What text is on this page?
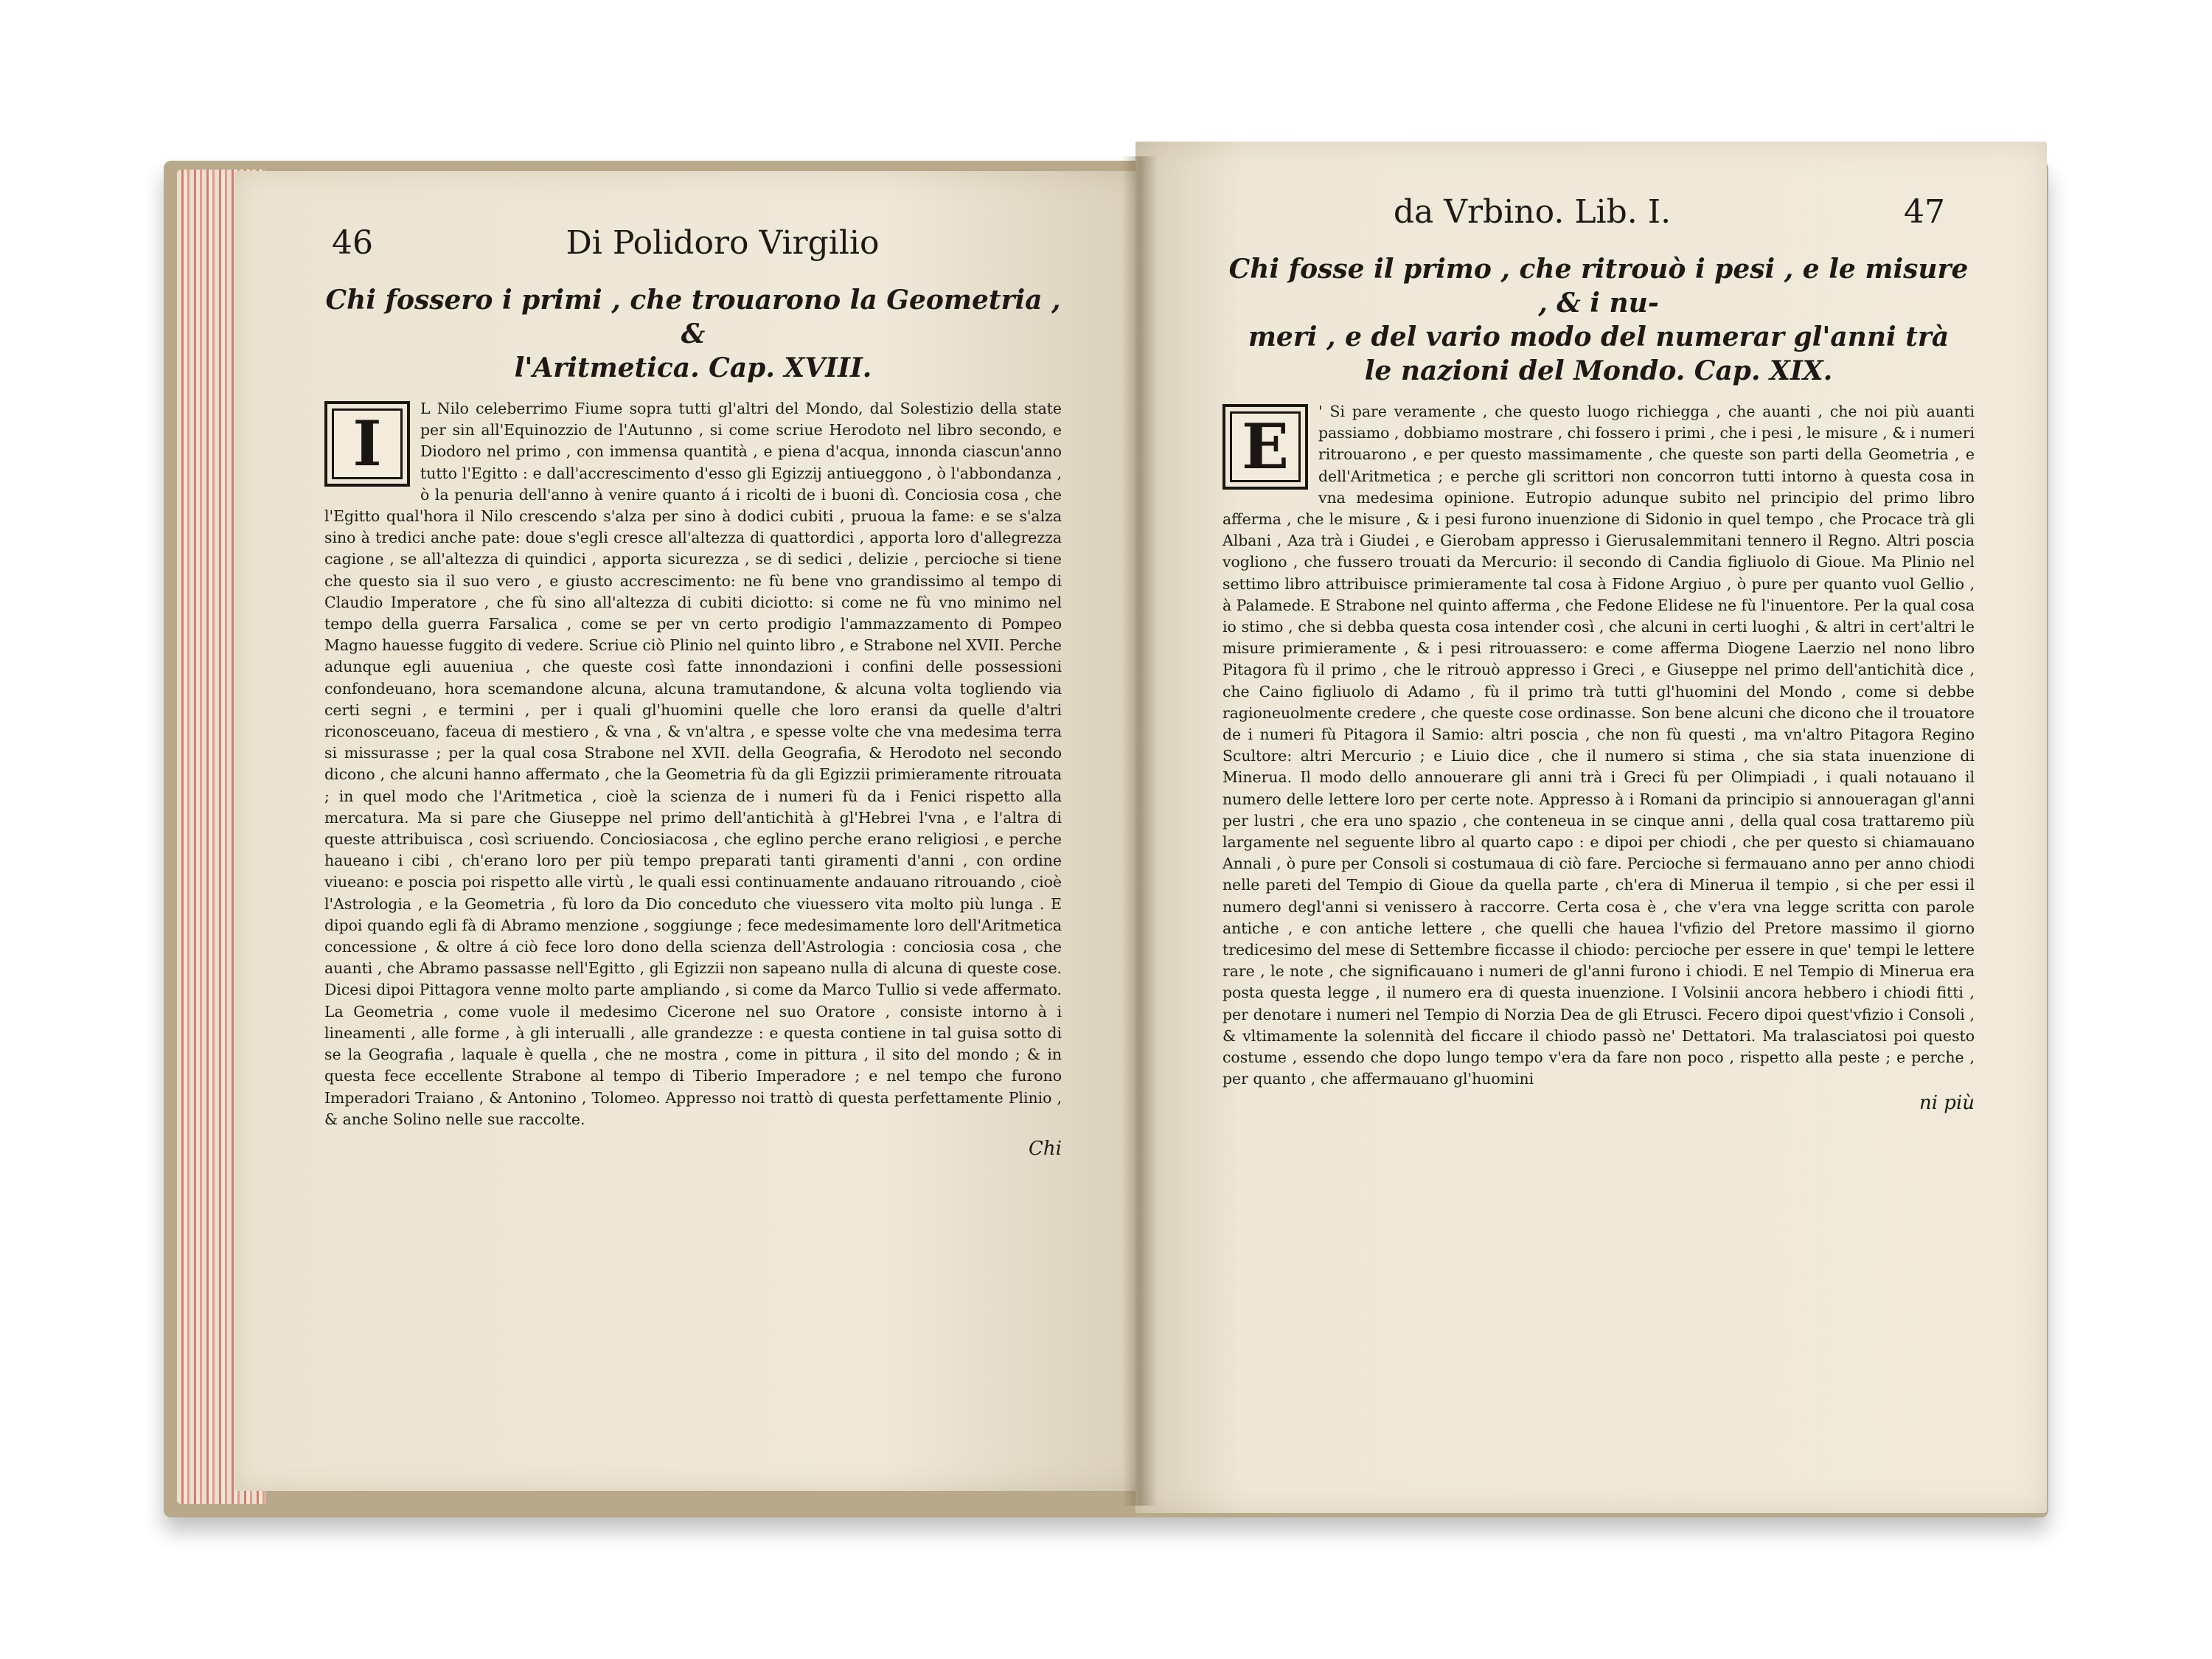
46	Di Polidoro Virgilio
Chi fossero i primi , che trouarono la Geometria , &
l'Aritmetica. Cap. XVIII.
I	L Nilo celeberrimo Fiume sopra tutti gl'altri del Mondo, dal Solestizio della state per sin all'Equinozzio de l'Autunno , si come scriue Herodoto nel libro secondo, e Diodoro nel primo , con immensa quantità , e piena d'acqua, innonda ciascun'anno tutto l'Egitto : e dall'accrescimento d'esso gli Egizzij antiueggono , ò l'abbondanza , ò la penuria dell'anno à venire quanto á i ricolti de i buoni dì. Conciosia cosa , che l'Egitto qual'hora il Nilo crescendo s'alza per sino à dodici cubiti , pruoua la fame: e se s'alza sino à tredici anche pate: doue s'egli cresce all'altezza di quattordici , apporta loro d'allegrezza cagione , se all'altezza di quindici , apporta sicurezza , se di sedici , delizie , percioche si tiene che questo sia il suo vero , e giusto accrescimento: ne fù bene vno grandissimo al tempo di Claudio Imperatore , che fù sino all'altezza di cubiti diciotto: si come ne fù vno minimo nel tempo della guerra Farsalica , come se per vn certo prodigio l'ammazzamento di Pompeo Magno hauesse fuggito di vedere. Scriue ciò Plinio nel quinto libro , e Strabone nel XVII. Perche adunque egli auueniua , che queste così fatte innondazioni i confini delle possessioni confondeuano, hora scemandone alcuna, alcuna tramutandone, & alcuna volta togliendo via certi segni , e termini , per i quali gl'huomini quelle che loro eransi da quelle d'altri riconosceuano, faceua di mestiero , & vna , & vn'altra , e spesse volte che vna medesima terra si missurasse ; per la qual cosa Strabone nel XVII. della Geografia, & Herodoto nel secondo dicono , che alcuni hanno affermato , che la Geometria fù da gli Egizzii primieramente ritrouata ; in quel modo che l'Aritmetica , cioè la scienza de i numeri fù da i Fenici rispetto alla mercatura. Ma si pare che Giuseppe nel primo dell'antichità à gl'Hebrei l'vna , e l'altra di queste attribuisca , così scriuendo. Conciosiacosa , che eglino perche erano religiosi , e perche haueano i cibi , ch'erano loro per più tempo preparati tanti giramenti d'anni , con ordine viueano: e poscia poi rispetto alle virtù , le quali essi continuamente andauano ritrouando , cioè l'Astrologia , e la Geometria , fù loro da Dio conceduto che viuessero vita molto più lunga . E dipoi quando egli fà di Abramo menzione , soggiunge ; fece medesimamente loro dell'Aritmetica concessione , & oltre á ciò fece loro dono della scienza dell'Astrologia : conciosia cosa , che auanti , che Abramo passasse nell'Egitto , gli Egizzii non sapeano nulla di alcuna di queste cose. Dicesi dipoi Pittagora venne molto parte ampliando , si come da Marco Tullio si vede affermato. La Geometria , come vuole il medesimo Cicerone nel suo Oratore , consiste intorno à i lineamenti , alle forme , à gli interualli , alle grandezze : e questa contiene in tal guisa sotto di se la Geografia , laquale è quella , che ne mostra , come in pittura , il sito del mondo ; & in questa fece eccellente Strabone al tempo di Tiberio Imperadore ; e nel tempo che furono Imperadori Traiano , & Antonino , Tolomeo. Appresso noi trattò di questa perfettamente Plinio , & anche Solino nelle sue raccolte.

Chi
da Vrbino. Lib. I.	47
Chi fosse il primo , che ritrouò i pesi , e le misure , & i nu-
meri , e del vario modo del numerar gl'anni trà
le nazioni del Mondo. Cap. XIX.
E	' Si pare veramente , che questo luogo richiegga , che auanti , che noi più auanti passiamo , dobbiamo mostrare , chi fossero i primi , che i pesi , le misure , & i numeri ritrouarono , e per questo massimamente , che queste son parti della Geometria , e dell'Aritmetica ; e perche gli scrittori non concorron tutti intorno à questa cosa in vna medesima opinione. Eutropio adunque subito nel principio del primo libro afferma , che le misure , & i pesi furono inuenzione di Sidonio in quel tempo , che Procace trà gli Albani , Aza trà i Giudei , e Gierobam appresso i Gierusalemmitani tennero il Regno. Altri poscia vogliono , che fussero trouati da Mercurio: il secondo di Candia figliuolo di Gioue. Ma Plinio nel settimo libro attribuisce primieramente tal cosa à Fidone Argiuo , ò pure per quanto vuol Gellio , à Palamede. E Strabone nel quinto afferma , che Fedone Elidese ne fù l'inuentore. Per la qual cosa io stimo , che si debba questa cosa intender così , che alcuni in certi luoghi , & altri in cert'altri le misure primieramente , & i pesi ritrouassero: e come afferma Diogene Laerzio nel nono libro Pitagora fù il primo , che le ritrouò appresso i Greci , e Giuseppe nel primo dell'antichità dice , che Caino figliuolo di Adamo , fù il primo trà tutti gl'huomini del Mondo , come si debbe ragioneuolmente credere , che queste cose ordinasse. Son bene alcuni che dicono che il trouatore de i numeri fù Pitagora il Samio: altri poscia , che non fù questi , ma vn'altro Pitagora Regino Scultore: altri Mercurio ; e Liuio dice , che il numero si stima , che sia stata inuenzione di Minerua. Il modo dello annouerare gli anni trà i Greci fù per Olimpiadi , i quali notauano il numero delle lettere loro per certe note. Appresso à i Romani da principio si annoueragan gl'anni per lustri , che era uno spazio , che conteneua in se cinque anni , della qual cosa trattaremo più largamente nel seguente libro al quarto capo : e dipoi per chiodi , che per questo si chiamauano Annali , ò pure per Consoli si costumaua di ciò fare. Percioche si fermauano anno per anno chiodi nelle pareti del Tempio di Gioue da quella parte , ch'era di Minerua il tempio , si che per essi il numero degl'anni si venissero à raccorre. Certa cosa è , che v'era vna legge scritta con parole antiche , e con antiche lettere , che quelli che hauea l'vfizio del Pretore massimo il giorno tredicesimo del mese di Settembre ficcasse il chiodo: percioche per essere in que' tempi le lettere rare , le note , che significauano i numeri de gl'anni furono i chiodi. E nel Tempio di Minerua era posta questa legge , il numero era di questa inuenzione. I Volsinii ancora hebbero i chiodi fitti , per denotare i numeri nel Tempio di Norzia Dea de gli Etrusci. Fecero dipoi quest'vfizio i Consoli , & vltimamente la solennità del ficcare il chiodo passò ne' Dettatori. Ma tralasciatosi poi questo costume , essendo che dopo lungo tempo v'era da fare non poco , rispetto alla peste ; e perche , per quanto , che affermauano gl'huomini

ni più
